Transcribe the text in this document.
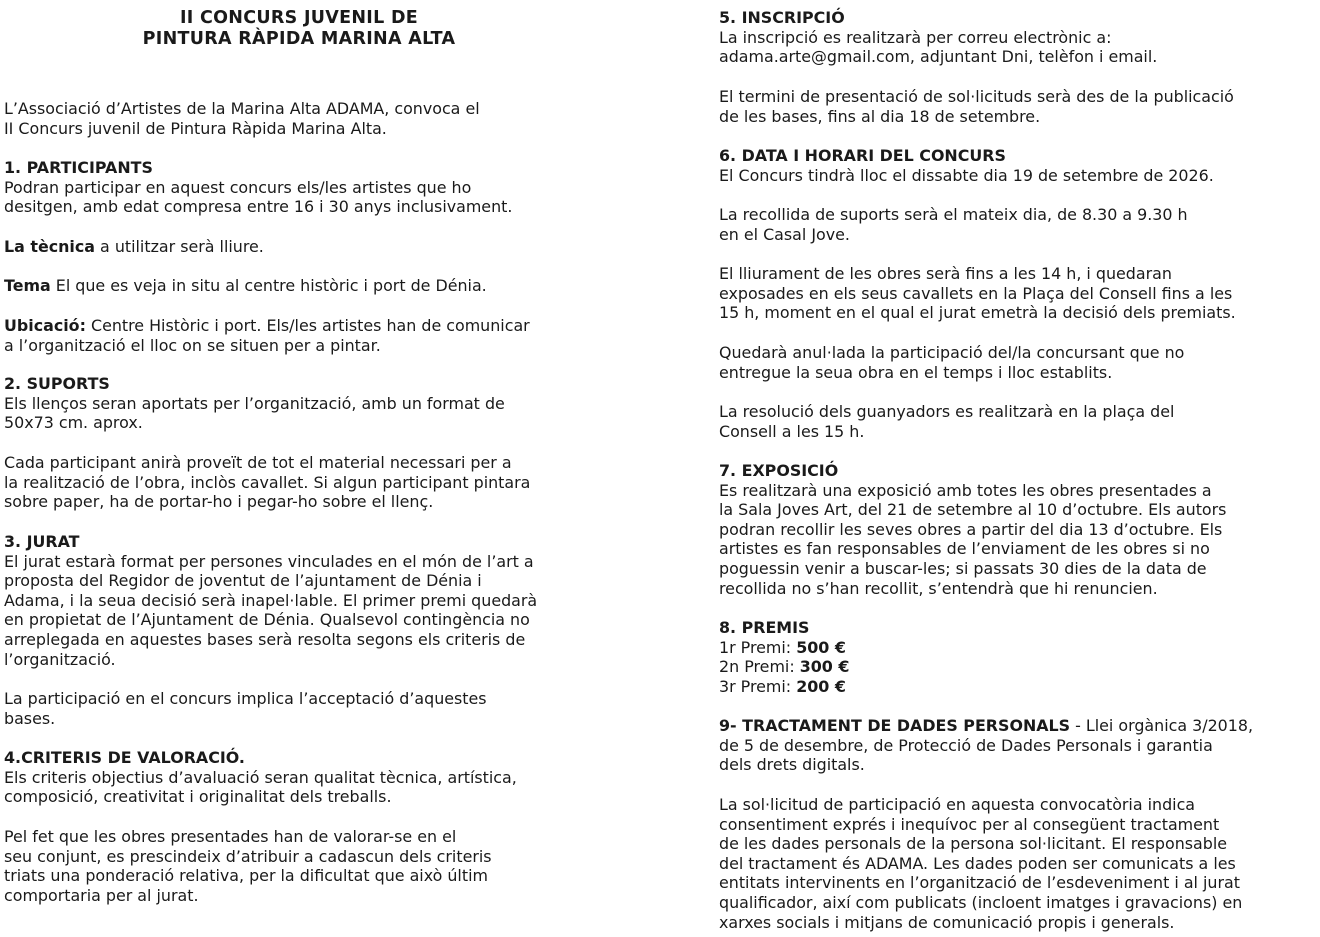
II CONCURS JUVENIL DE
PINTURA RÀPIDA MARINA ALTA
L’Associació d’Artistes de la Marina Alta ADAMA, convoca el
II Concurs juvenil de Pintura Ràpida Marina Alta.
1. PARTICIPANTS
Podran participar en aquest concurs els/les artistes que ho
desitgen, amb edat compresa entre 16 i 30 anys inclusivament.
La tècnica a utilitzar serà lliure.
Tema El que es veja in situ al centre històric i port de Dénia.
Ubicació: Centre Històric i port. Els/les artistes han de comunicar
a l’organització el lloc on se situen per a pintar.
2. SUPORTS
Els llenços seran aportats per l’organització, amb un format de
50x73 cm. aprox.
Cada participant anirà proveït de tot el material necessari per a
la realització de l’obra, inclòs cavallet. Si algun participant pintara
sobre paper, ha de portar-ho i pegar-ho sobre el llenç.
3. JURAT
El jurat estarà format per persones vinculades en el món de l’art a
proposta del Regidor de joventut de l’ajuntament de Dénia i
Adama, i la seua decisió serà inapel·lable. El primer premi quedarà
en propietat de l’Ajuntament de Dénia. Qualsevol contingència no
arreplegada en aquestes bases serà resolta segons els criteris de
l’organització.
La participació en el concurs implica l’acceptació d’aquestes
bases.
4.CRITERIS DE VALORACIÓ.
Els criteris objectius d’avaluació seran qualitat tècnica, artística,
composició, creativitat i originalitat dels treballs.
Pel fet que les obres presentades han de valorar-se en el
seu conjunt, es prescindeix d’atribuir a cadascun dels criteris
triats una ponderació relativa, per la dificultat que això últim
comportaria per al jurat.
5. INSCRIPCIÓ
La inscripció es realitzarà per correu electrònic a:
adama.arte@gmail.com, adjuntant Dni, telèfon i email.
El termini de presentació de sol·licituds serà des de la publicació
de les bases, fins al dia 18 de setembre.
6. DATA I HORARI DEL CONCURS
El Concurs tindrà lloc el dissabte dia 19 de setembre de 2026.
La recollida de suports serà el mateix dia, de 8.30 a 9.30 h
en el Casal Jove.
El lliurament de les obres serà fins a les 14 h, i quedaran
exposades en els seus cavallets en la Plaça del Consell fins a les
15 h, moment en el qual el jurat emetrà la decisió dels premiats.
Quedarà anul·lada la participació del/la concursant que no
entregue la seua obra en el temps i lloc establits.
La resolució dels guanyadors es realitzarà en la plaça del
Consell a les 15 h.
7. EXPOSICIÓ
Es realitzarà una exposició amb totes les obres presentades a
la Sala Joves Art, del 21 de setembre al 10 d’octubre. Els autors
podran recollir les seves obres a partir del dia 13 d’octubre. Els
artistes es fan responsables de l’enviament de les obres si no
poguessin venir a buscar-les; si passats 30 dies de la data de
recollida no s’han recollit, s’entendrà que hi renuncien.
8. PREMIS
1r Premi: 500 €
2n Premi: 300 €
3r Premi: 200 €
9- TRACTAMENT DE DADES PERSONALS - Llei orgànica 3/2018,
de 5 de desembre, de Protecció de Dades Personals i garantia
dels drets digitals.
La sol·licitud de participació en aquesta convocatòria indica
consentiment exprés i inequívoc per al consegüent tractament
de les dades personals de la persona sol·licitant. El responsable
del tractament és ADAMA. Les dades poden ser comunicats a les
entitats intervinents en l’organització de l’esdeveniment i al jurat
qualificador, així com publicats (incloent imatges i gravacions) en
xarxes socials i mitjans de comunicació propis i generals.
